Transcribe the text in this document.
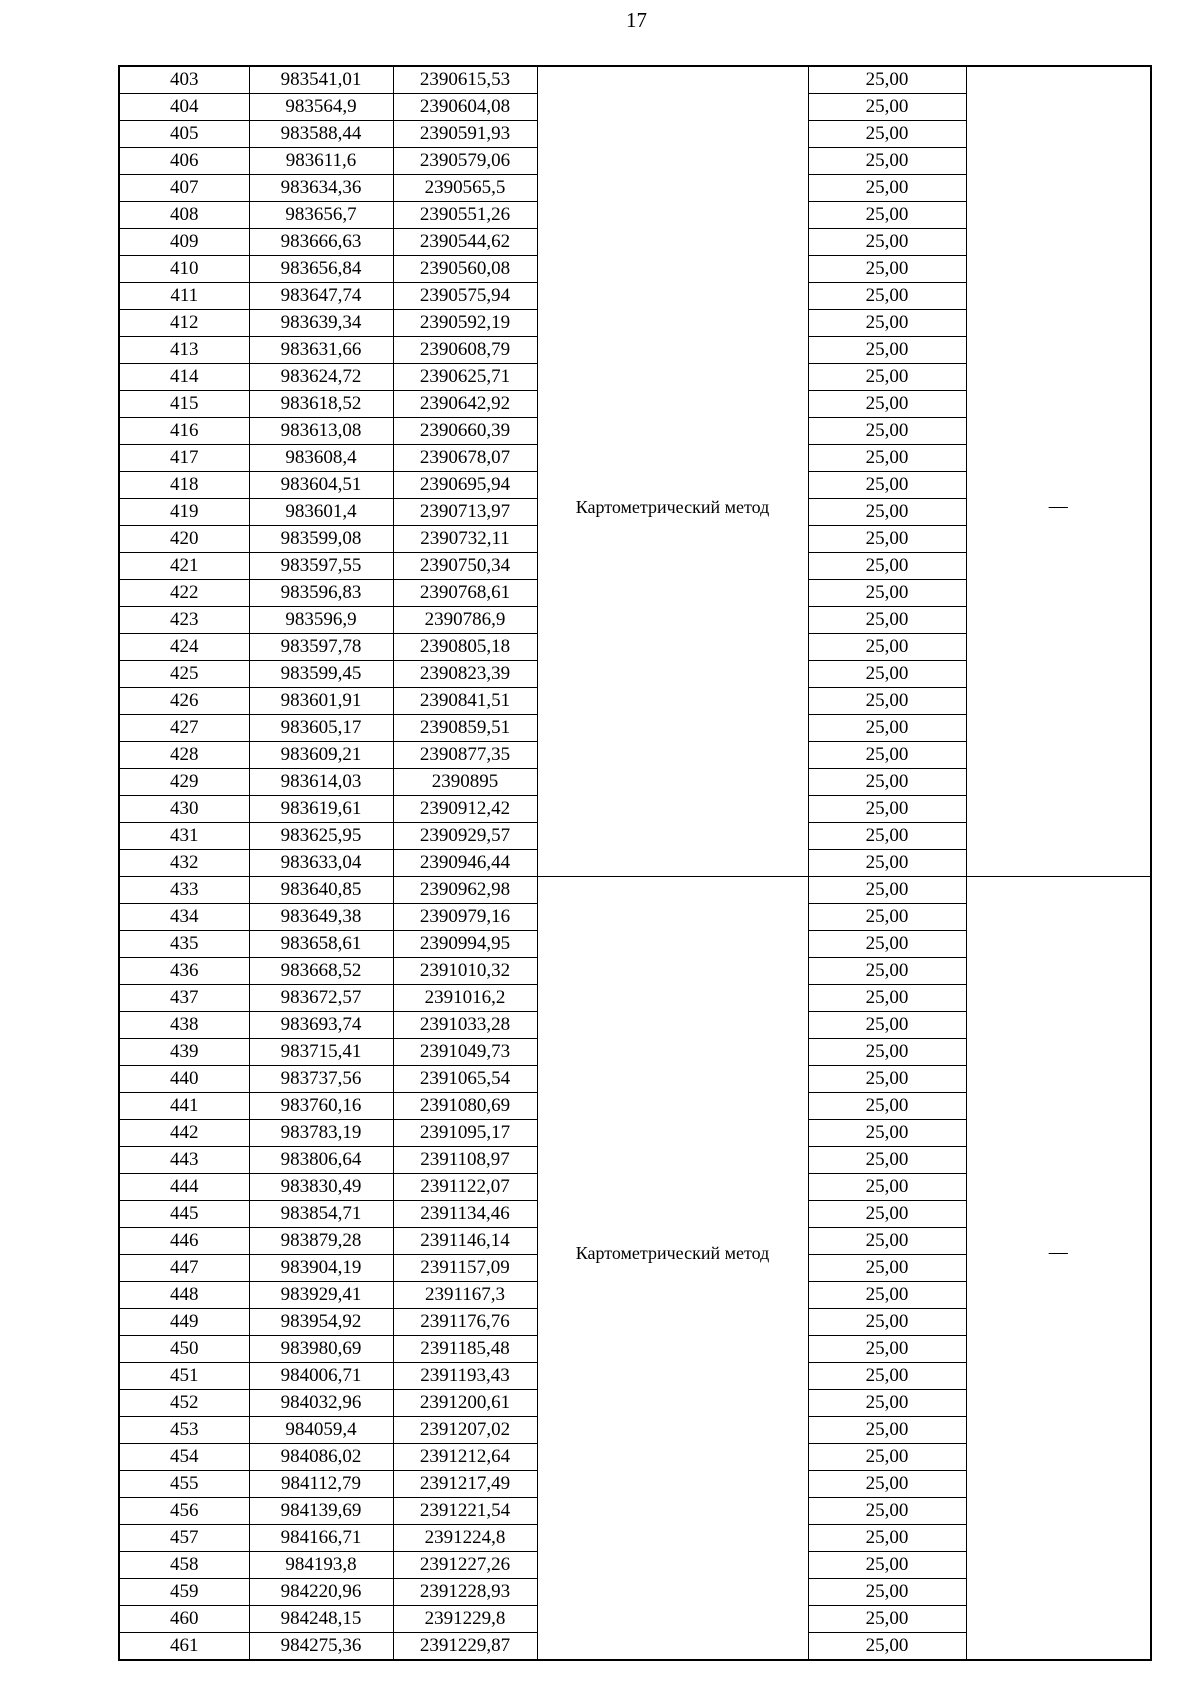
17
403	983541,01	2390615,53	Картометрический метод	25,00	—
404	983564,9	2390604,08		25,00	
405	983588,44	2390591,93		25,00	
406	983611,6	2390579,06		25,00	
407	983634,36	2390565,5		25,00	
408	983656,7	2390551,26		25,00	
409	983666,63	2390544,62		25,00	
410	983656,84	2390560,08		25,00	
411	983647,74	2390575,94		25,00	
412	983639,34	2390592,19		25,00	
413	983631,66	2390608,79		25,00	
414	983624,72	2390625,71		25,00	
415	983618,52	2390642,92		25,00	
416	983613,08	2390660,39		25,00	
417	983608,4	2390678,07		25,00	
418	983604,51	2390695,94		25,00	
419	983601,4	2390713,97		25,00	
420	983599,08	2390732,11		25,00	
421	983597,55	2390750,34		25,00	
422	983596,83	2390768,61		25,00	
423	983596,9	2390786,9		25,00	
424	983597,78	2390805,18		25,00	
425	983599,45	2390823,39		25,00	
426	983601,91	2390841,51		25,00	
427	983605,17	2390859,51		25,00	
428	983609,21	2390877,35		25,00	
429	983614,03	2390895		25,00	
430	983619,61	2390912,42		25,00	
431	983625,95	2390929,57		25,00	
432	983633,04	2390946,44		25,00	
433	983640,85	2390962,98	Картометрический метод	25,00	—
434	983649,38	2390979,16		25,00	
435	983658,61	2390994,95		25,00	
436	983668,52	2391010,32		25,00	
437	983672,57	2391016,2		25,00	
438	983693,74	2391033,28		25,00	
439	983715,41	2391049,73		25,00	
440	983737,56	2391065,54		25,00	
441	983760,16	2391080,69		25,00	
442	983783,19	2391095,17		25,00	
443	983806,64	2391108,97		25,00	
444	983830,49	2391122,07		25,00	
445	983854,71	2391134,46		25,00	
446	983879,28	2391146,14		25,00	
447	983904,19	2391157,09		25,00	
448	983929,41	2391167,3		25,00	
449	983954,92	2391176,76		25,00	
450	983980,69	2391185,48		25,00	
451	984006,71	2391193,43		25,00	
452	984032,96	2391200,61		25,00	
453	984059,4	2391207,02		25,00	
454	984086,02	2391212,64		25,00	
455	984112,79	2391217,49		25,00	
456	984139,69	2391221,54		25,00	
457	984166,71	2391224,8		25,00	
458	984193,8	2391227,26		25,00	
459	984220,96	2391228,93		25,00	
460	984248,15	2391229,8		25,00	
461	984275,36	2391229,87		25,00	
